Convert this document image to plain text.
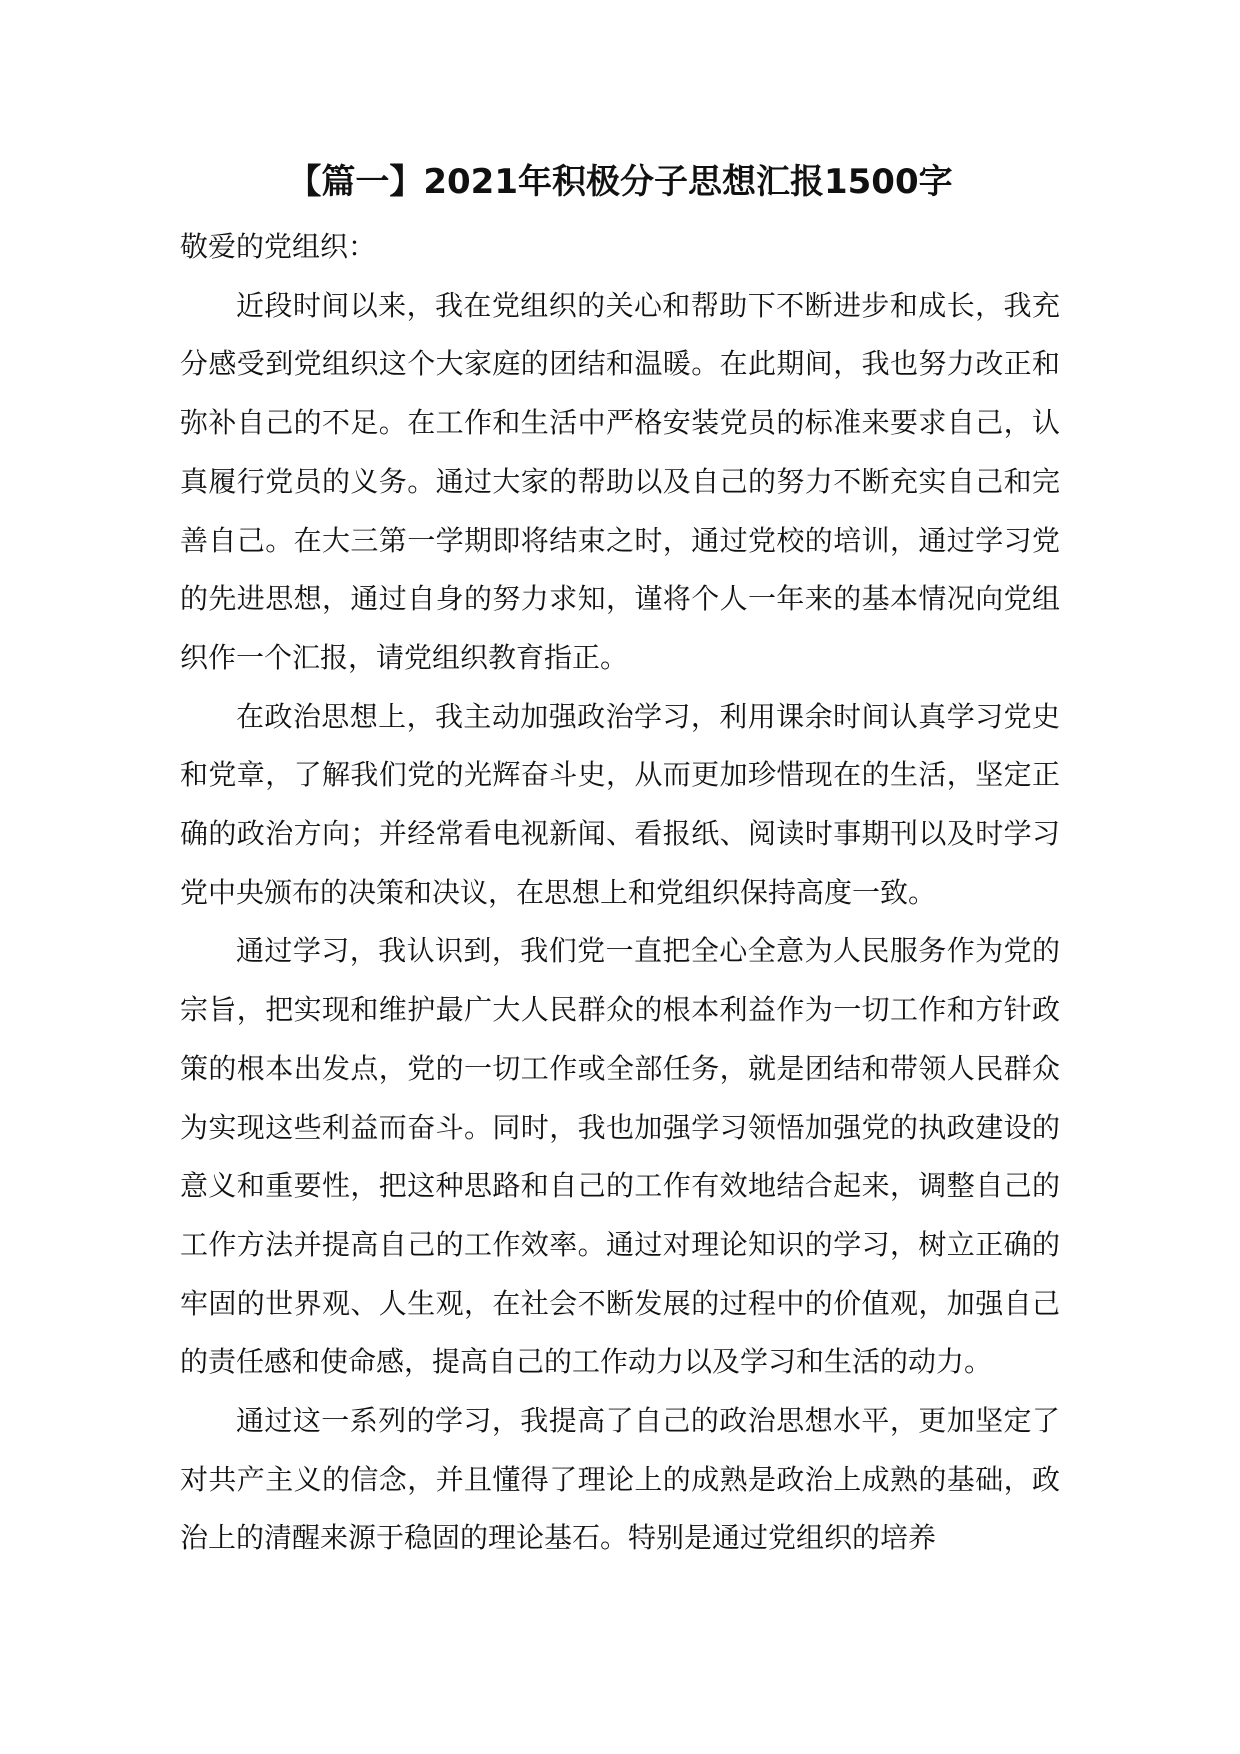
【篇一】2021年积极分子思想汇报1500字

敬爱的党组织：

近段时间以来，我在党组织的关心和帮助下不断进步和成长，我充分感受到党组织这个大家庭的团结和温暖。在此期间，我也努力改正和弥补自己的不足。在工作和生活中严格安装党员的标准来要求自己，认真履行党员的义务。通过大家的帮助以及自己的努力不断充实自己和完善自己。在大三第一学期即将结束之时，通过党校的培训，通过学习党的先进思想，通过自身的努力求知，谨将个人一年来的基本情况向党组织作一个汇报，请党组织教育指正。

在政治思想上，我主动加强政治学习，利用课余时间认真学习党史和党章，了解我们党的光辉奋斗史，从而更加珍惜现在的生活，坚定正确的政治方向；并经常看电视新闻、看报纸、阅读时事期刊以及时学习党中央颁布的决策和决议，在思想上和党组织保持高度一致。

通过学习，我认识到，我们党一直把全心全意为人民服务作为党的宗旨，把实现和维护最广大人民群众的根本利益作为一切工作和方针政策的根本出发点，党的一切工作或全部任务，就是团结和带领人民群众为实现这些利益而奋斗。同时，我也加强学习领悟加强党的执政建设的意义和重要性，把这种思路和自己的工作有效地结合起来，调整自己的工作方法并提高自己的工作效率。通过对理论知识的学习，树立正确的牢固的世界观、人生观，在社会不断发展的过程中的价值观，加强自己的责任感和使命感，提高自己的工作动力以及学习和生活的动力。

通过这一系列的学习，我提高了自己的政治思想水平，更加坚定了对共产主义的信念，并且懂得了理论上的成熟是政治上成熟的基础，政治上的清醒来源于稳固的理论基石。特别是通过党组织的培养
